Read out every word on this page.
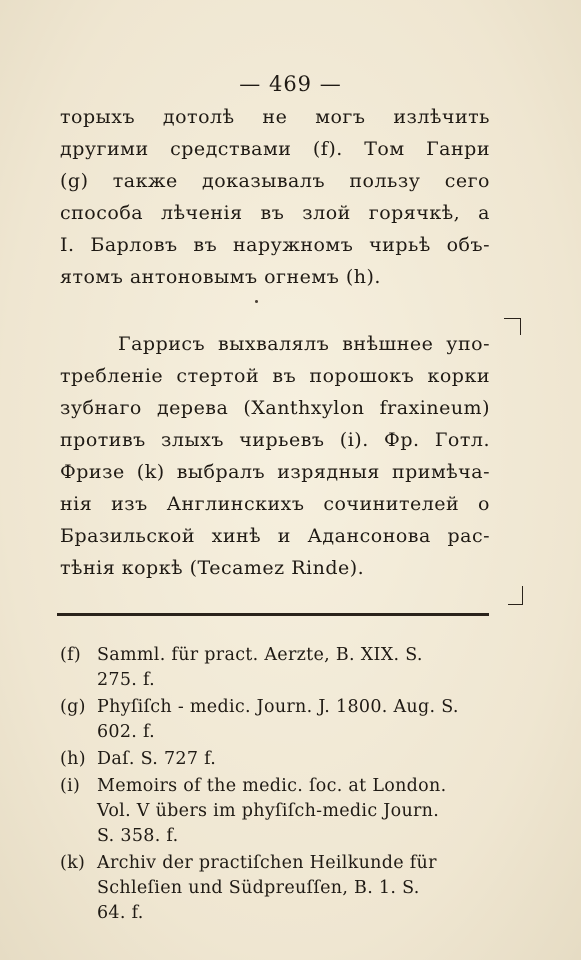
— 469 —
торыхъ дотолѣ не могъ излѣчить
другими средствами (f). Том Ганри
(g) также доказывалъ пользу сего
способа лѣченія въ злой горячкѣ, а
I. Барловъ въ наружномъ чирьѣ объ-
ятомъ антоновымъ огнемъ (h).
Гаррисъ выхвалялъ внѣшнее упо-
требленіе стертой въ порошокъ корки
зубнаго дерева (Xanthxylon fraxineum)
противъ злыхъ чирьевъ (i). Фр. Готл.
Фризе (k) выбралъ изрядныя примѣча-
нія изъ Англинскихъ сочинителей о
Бразильской хинѣ и Адансонова рас-
тѣнія коркѣ (Tecamez Rinde).
(f) Samml. für pract. Aerzte, B. XIX. S.
275. f.
(g) Phyſiſch - medic. Journ. J. 1800. Aug. S.
602. f.
(h) Daſ. S. 727 f.
(i) Memoirs of the medic. ſoc. at London.
Vol. V übers im phyſiſch-medic Journ.
S. 358. f.
(k) Archiv der practiſchen Heilkunde für
Schleſien und Südpreuſſen, B. 1. S.
64. f.
